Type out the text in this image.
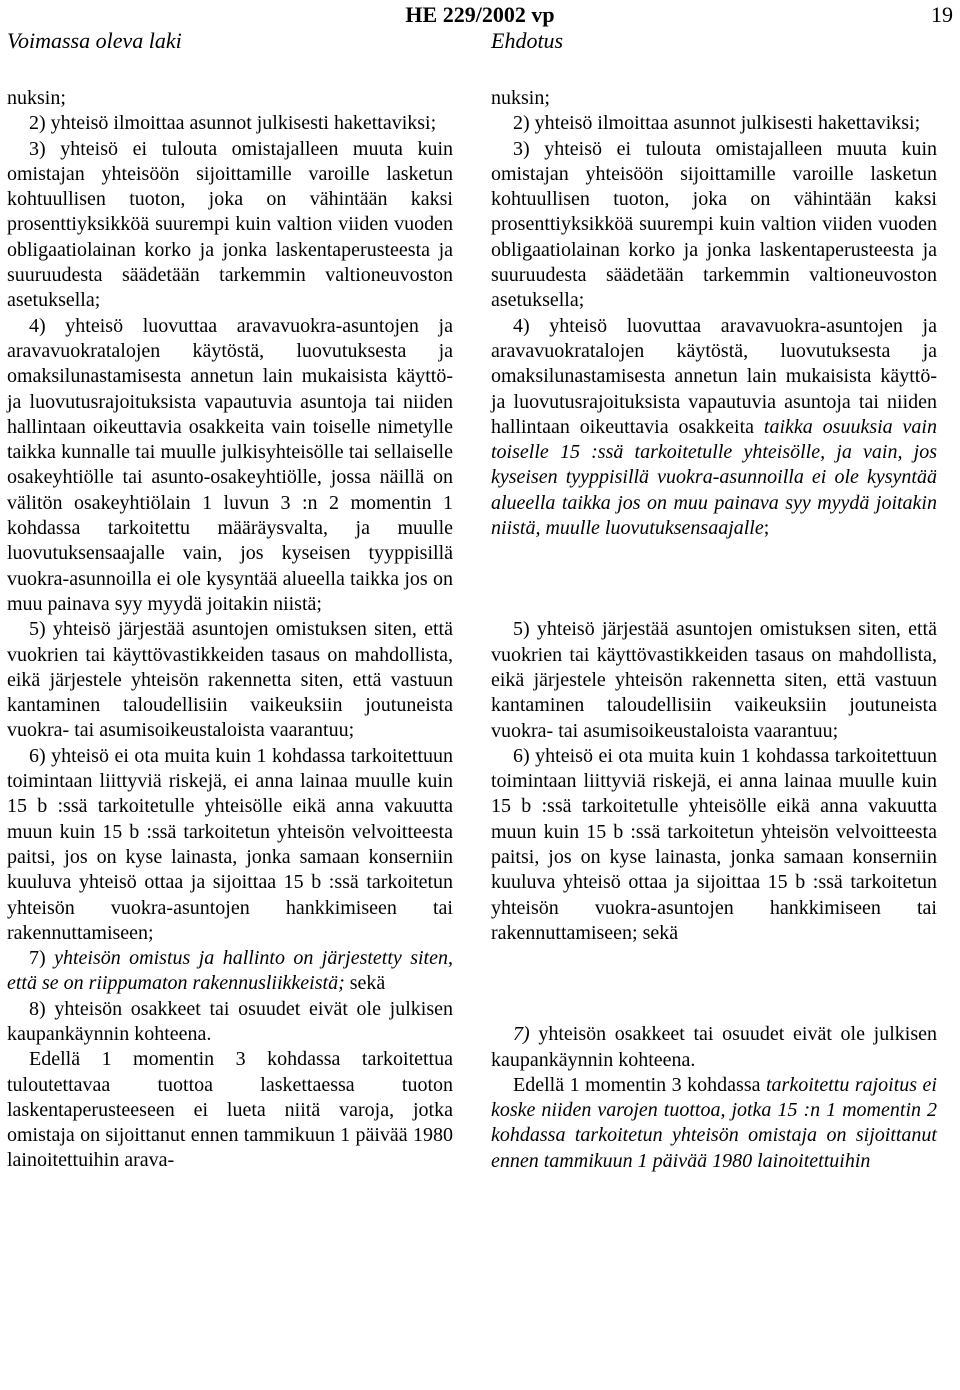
HE 229/2002 vp	19
Voimassa oleva laki	Ehdotus

nuksin;

2) yhteisö ilmoittaa asunnot julkisesti hakettaviksi;

3) yhteisö ei tulouta omistajalleen muuta kuin omistajan yhteisöön sijoittamille varoille lasketun kohtuullisen tuoton, joka on vähintään kaksi prosenttiyksikköä suurempi kuin valtion viiden vuoden obligaatiolainan korko ja jonka laskentaperusteesta ja suuruudesta säädetään tarkemmin valtioneuvoston asetuksella;

4) yhteisö luovuttaa aravavuokra-asuntojen ja aravavuokratalojen käytöstä, luovutuksesta ja omaksilunastamisesta annetun lain mukaisista käyttö- ja luovutusrajoituksista vapautuvia asuntoja tai niiden hallintaan oikeuttavia osakkeita vain toiselle nimetylle taikka kunnalle tai muulle julkisyhteisölle tai sellaiselle osakeyhtiölle tai asunto-osakeyhtiölle, jossa näillä on välitön osakeyhtiölain 1 luvun 3 :n 2 momentin 1 kohdassa tarkoitettu määräysvalta, ja muulle luovutuksensaajalle vain, jos kyseisen tyyppisillä vuokra-asunnoilla ei ole kysyntää alueella taikka jos on muu painava syy myydä joitakin niistä;

5) yhteisö järjestää asuntojen omistuksen siten, että vuokrien tai käyttövastikkeiden tasaus on mahdollista, eikä järjestele yhteisön rakennetta siten, että vastuun kantaminen taloudellisiin vaikeuksiin joutuneista vuokra- tai asumisoikeustaloista vaarantuu;

6) yhteisö ei ota muita kuin 1 kohdassa tarkoitettuun toimintaan liittyviä riskejä, ei anna lainaa muulle kuin 15 b :ssä tarkoitetulle yhteisölle eikä anna vakuutta muun kuin 15 b :ssä tarkoitetun yhteisön velvoitteesta paitsi, jos on kyse lainasta, jonka samaan konserniin kuuluva yhteisö ottaa ja sijoittaa 15 b :ssä tarkoitetun yhteisön vuokra-asuntojen hankkimiseen tai rakennuttamiseen;

7) yhteisön omistus ja hallinto on järjestetty siten, että se on riippumaton rakennusliikkeistä; sekä

8) yhteisön osakkeet tai osuudet eivät ole julkisen kaupankäynnin kohteena.

Edellä 1 momentin 3 kohdassa tarkoitettua tuloutettavaa tuottoa laskettaessa tuoton laskentaperusteeseen ei lueta niitä varoja, jotka omistaja on sijoittanut ennen tammikuun 1 päivää 1980 lainoitettuihin arava-

nuksin;

2) yhteisö ilmoittaa asunnot julkisesti hakettaviksi;

3) yhteisö ei tulouta omistajalleen muuta kuin omistajan yhteisöön sijoittamille varoille lasketun kohtuullisen tuoton, joka on vähintään kaksi prosenttiyksikköä suurempi kuin valtion viiden vuoden obligaatiolainan korko ja jonka laskentaperusteesta ja suuruudesta säädetään tarkemmin valtioneuvoston asetuksella;

4) yhteisö luovuttaa aravavuokra-asuntojen ja aravavuokratalojen käytöstä, luovutuksesta ja omaksilunastamisesta annetun lain mukaisista käyttö- ja luovutusrajoituksista vapautuvia asuntoja tai niiden hallintaan oikeuttavia osakkeita taikka osuuksia vain toiselle 15 :ssä tarkoitetulle yhteisölle, ja vain, jos kyseisen tyyppisillä vuokra-asunnoilla ei ole kysyntää alueella taikka jos on muu painava syy myydä joitakin niistä, muulle luovutuksensaajalle;

5) yhteisö järjestää asuntojen omistuksen siten, että vuokrien tai käyttövastikkeiden tasaus on mahdollista, eikä järjestele yhteisön rakennetta siten, että vastuun kantaminen taloudellisiin vaikeuksiin joutuneista vuokra- tai asumisoikeustaloista vaarantuu;

6) yhteisö ei ota muita kuin 1 kohdassa tarkoitettuun toimintaan liittyviä riskejä, ei anna lainaa muulle kuin 15 b :ssä tarkoitetulle yhteisölle eikä anna vakuutta muun kuin 15 b :ssä tarkoitetun yhteisön velvoitteesta paitsi, jos on kyse lainasta, jonka samaan konserniin kuuluva yhteisö ottaa ja sijoittaa 15 b :ssä tarkoitetun yhteisön vuokra-asuntojen hankkimiseen tai rakennuttamiseen; sekä

7) yhteisön osakkeet tai osuudet eivät ole julkisen kaupankäynnin kohteena.

Edellä 1 momentin 3 kohdassa tarkoitettu rajoitus ei koske niiden varojen tuottoa, jotka 15 :n 1 momentin 2 kohdassa tarkoitetun yhteisön omistaja on sijoittanut ennen tammikuun 1 päivää 1980 lainoitettuihin
